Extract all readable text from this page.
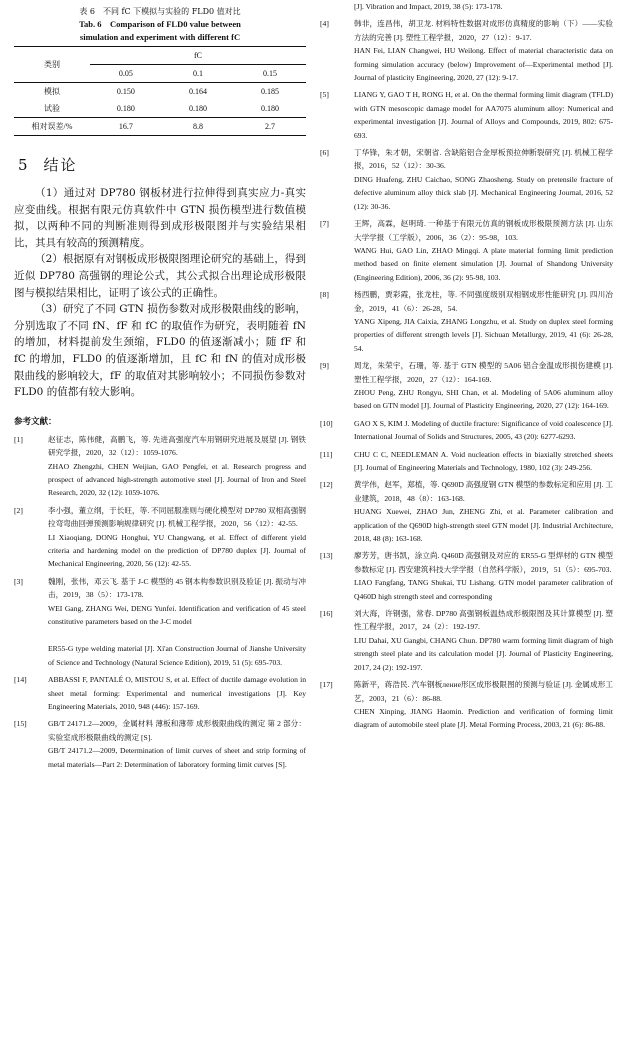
表 6　不同 fC 下模拟与实验的 FLD0 值对比
Tab. 6　Comparison of FLD0 value between
simulation and experiment with different fC
类别	fC		
	0.05	0.1	0.15
模拟	0.150	0.164	0.185
试验	0.180	0.180	0.180
相对误差/%	16.7	8.8	2.7
5 结论

（1）通过对 DP780 钢板材进行拉伸得到真实应力-真实应变曲线。根据有限元仿真软件中 GTN 损伤模型进行数值模拟，以两种不同的判断准则得到成形极限图并与实验结果相比，其具有较高的预测精度。

（2）根据原有对钢板成形极限图理论研究的基础上，得到近似 DP780 高强钢的理论公式，其公式拟合出理论成形极限图与模拟结果相比，证明了该公式的正确性。

（3）研究了不同 GTN 损伤参数对成形极限曲线的影响，分别选取了不同 fN、fF 和 fC 的取值作为研究，表明随着 fN 的增加，材料提前发生颈缩，FLD0 的值逐渐减小；随 fF 和 fC 的增加，FLD0 的值逐渐增加，且 fC 和 fN 的值对成形极限曲线的影响较大，fF 的取值对其影响较小；不同损伤参数对 FLD0 的值都有较大影响。

参考文献：
[1]	赵征志，陈伟健，高鹏飞，等. 先进高强度汽车用钢研究进展及展望 [J]. 钢铁研究学报，2020，32（12）：1059-1076.
ZHAO Zhengzhi, CHEN Weijian, GAO Pengfei, et al. Research progress and prospect of advanced high-strength automotive steel [J]. Journal of Iron and Steel Research, 2020, 32 (12): 1059-1076.
[2]	李小强，董立纲，于长旺，等. 不同屈服准则与硬化模型对 DP780 双相高强钢拉弯弯曲回弹预测影响规律研究 [J]. 机械工程学报，2020，56（12）：42-55.
LI Xiaoqiang, DONG Honghui, YU Changwang, et al. Effect of different yield criteria and hardening model on the prediction of DP780 duplex [J]. Journal of Mechanical Engineering, 2020, 56 (12): 42-55.
[3]	魏刚，张伟，邓云飞. 基于 J-C 模型的 45 钢本构参数识别及验证 [J]. 振动与冲击，2019，38（5）：173-178.
WEI Gang, ZHANG Wei, DENG Yunfei. Identification and verification of 45 steel constitutive parameters based on the J-C model
ER55-G type welding material [J]. Xi'an Construction Journal of Jianshe University of Science and Technology (Natural Science Edition), 2019, 51 (5): 695-703.
[14]	ABBASSI F, PANTALÉ O, MISTOU S, et al. Effect of ductile damage evolution in sheet metal forming: Experimental and numerical investigations [J]. Key Engineering Materials, 2010, 948 (446): 157-169.
[15]	GB/T 24171.2—2009，金属材料 薄板和薄带 成形极限曲线的测定 第 2 部分：实验室成形极限曲线的测定 [S].
GB/T 24171.2—2009, Determination of limit curves of sheet and strip forming of metal materials—Part 2: Determination of laboratory forming limit curves [S].
[J]. Vibration and Impact, 2019, 38 (5): 173-178.
[4]	韩非，连昌伟，胡卫龙. 材料特性数据对成形仿真精度的影响（下）——实验方法的完善 [J]. 塑性工程学报，2020，27（12）：9-17.
HAN Fei, LIAN Changwei, HU Weilong. Effect of material characteristic data on forming simulation accuracy (below) Improvement of—Experimental method [J]. Journal of plasticity Engineering, 2020, 27 (12): 9-17.
[5]	LIANG Y, GAO T H, RONG H, et al. On the thermal forming limit diagram (TFLD) with GTN mesoscopic damage model for AA7075 aluminum alloy: Numerical and experimental investigation [J]. Journal of Alloys and Compounds, 2019, 802: 675-693.
[6]	丁华锋，朱才朝，宋朝省. 含缺陷铝合金厚板预拉伸断裂研究 [J]. 机械工程学报，2016，52（12）：30-36.
DING Huafeng, ZHU Caichao, SONG Zhaosheng. Study on pretensile fracture of defective aluminum alloy thick slab [J]. Mechanical Engineering Journal, 2016, 52 (12): 30-36.
[7]	王辉，高霖，赵明琦. 一种基于有限元仿真的钢板成形极限预测方法 [J]. 山东大学学报（工学版），2006，36（2）：95-98，103.
WANG Hui, GAO Lin, ZHAO Mingqi. A plate material forming limit prediction method based on finite element simulation [J]. Journal of Shandong University (Engineering Edition), 2006, 36 (2): 95-98, 103.
[8]	杨西鹏，贾彩霞，张龙柱，等. 不同强度级别双相钢成形性能研究 [J]. 四川冶金，2019，41（6）：26-28，54.
YANG Xipeng, JIA Caixia, ZHANG Longzhu, et al. Study on duplex steel forming properties of different strength levels [J]. Sichuan Metallurgy, 2019, 41 (6): 26-28, 54.
[9]	周龙，朱荣宇，石珊，等. 基于 GTN 模型的 5A06 铝合金温成形损伤建模 [J]. 塑性工程学报，2020，27（12）：164-169.
ZHOU Peng, ZHU Rongyu, SHI Chan, et al. Modeling of 5A06 aluminum alloy based on GTN model [J]. Journal of Plasticity Engineering, 2020, 27 (12): 164-169.
[10]	GAO X S, KIM J. Modeling of ductile fracture: Significance of void coalescence [J]. International Journal of Solids and Structures, 2005, 43 (20): 6277-6293.
[11]	CHU C C, NEEDLEMAN A. Void nucleation effects in biaxially stretched sheets [J]. Journal of Engineering Materials and Technology, 1980, 102 (3): 249-256.
[12]	黄学伟，赵军，郑植，等. Q690D 高强度钢 GTN 模型的参数标定和应用 [J]. 工业建筑，2018，48（8）：163-168.
HUANG Xuewei, ZHAO Jun, ZHENG Zhi, et al. Parameter calibration and application of the Q690D high-strength steel GTN model [J]. Industrial Architecture, 2018, 48 (8): 163-168.
[13]	廖芳芳，唐书凯，涂立尚. Q460D 高强钢及对应的 ER55-G 型焊材的 GTN 模型参数标定 [J]. 西安建筑科技大学学报（自然科学版），2019，51（5）：695-703.
LIAO Fangfang, TANG Shukai, TU Lishang. GTN model parameter calibration of Q460D high strength steel and corresponding
[16]	刘大海，许钢强，常春. DP780 高强钢板温热成形极限图及其计算模型 [J]. 塑性工程学报，2017，24（2）：192-197.
LIU Dahai, XU Gangbi, CHANG Chun. DP780 warm forming limit diagram of high strength steel plate and its calculation model [J]. Journal of Plasticity Engineering, 2017, 24 (2): 192-197.
[17]	陈新平，蒋浩民. 汽车钢板ление形区成形极限图的预测与验证 [J]. 金属成形工艺，2003，21（6）：86-88.
CHEN Xinping, JIANG Haomin. Prediction and verification of forming limit diagram of automobile steel plate [J]. Metal Forming Process, 2003, 21 (6): 86-88.
